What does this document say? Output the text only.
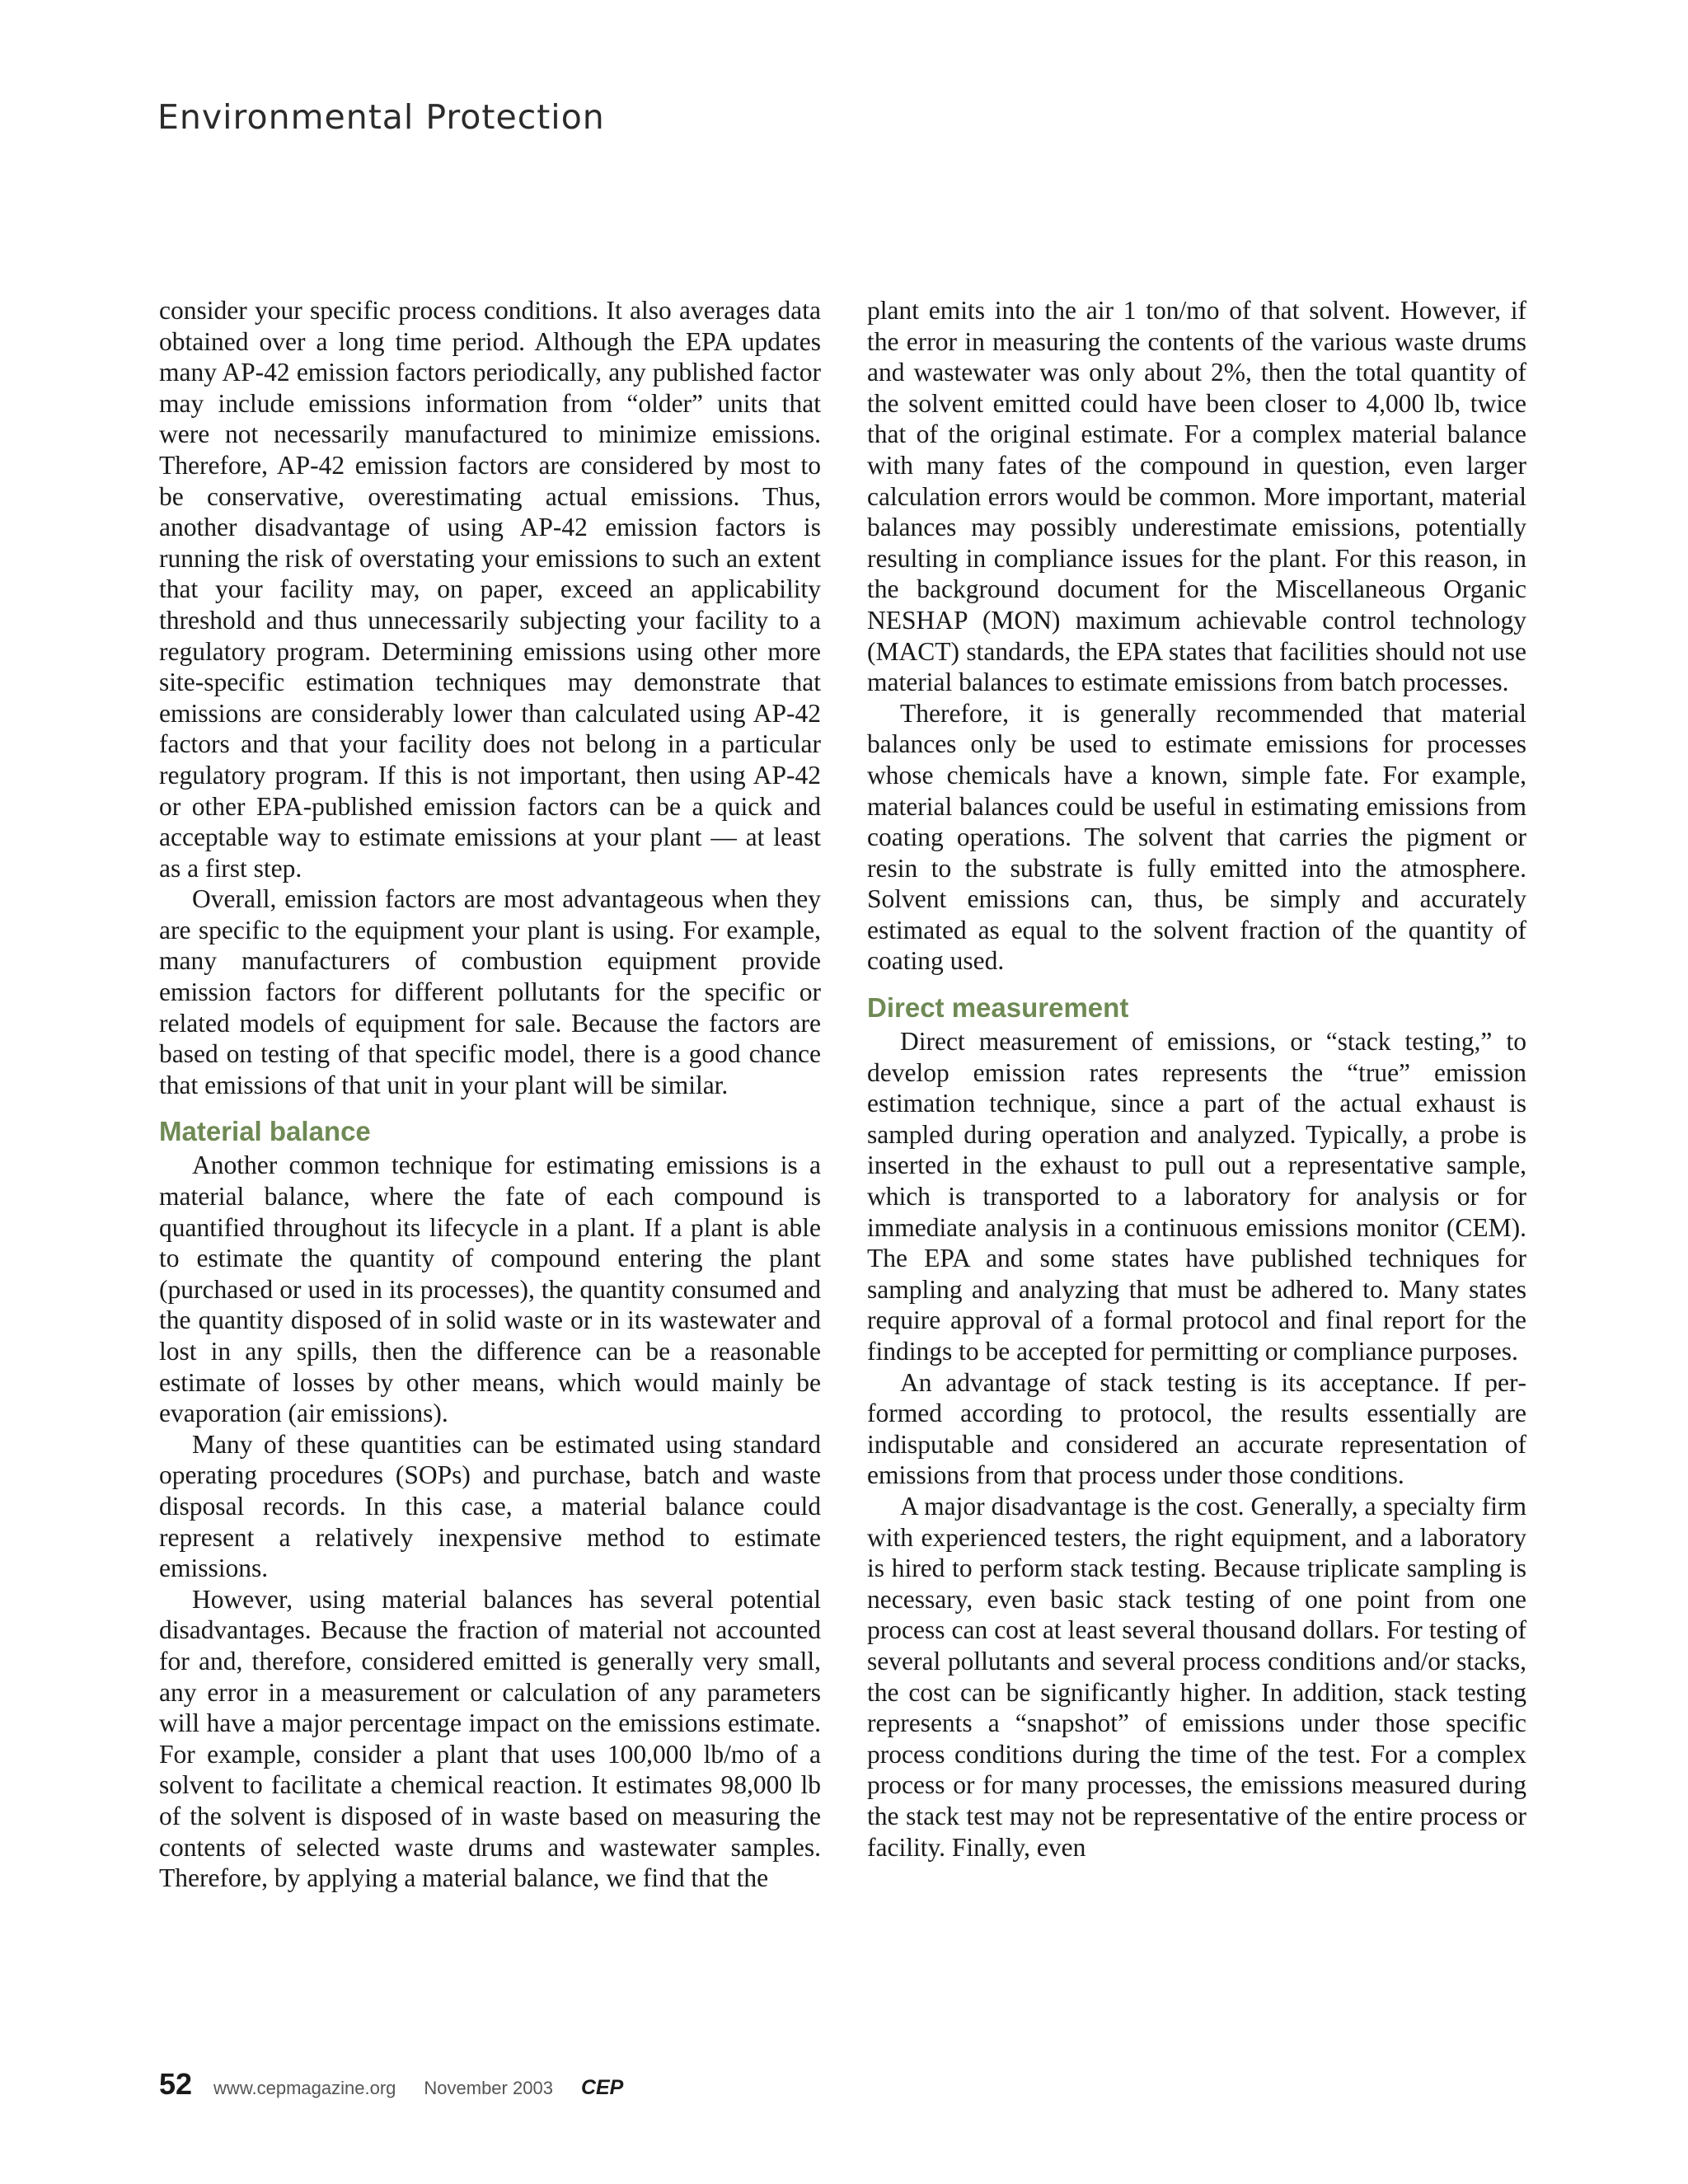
Environmental Protection

consider your specific process conditions. It also averages data obtained over a long time period. Although the EPA updates many AP-42 emission factors periodically, any published factor may include emissions information from “older” units that were not necessarily manufactured to minimize emissions. Therefore, AP-42 emission factors are considered by most to be conservative, overestimating actual emissions. Thus, another disadvantage of using AP-42 emission factors is running the risk of overstating your emissions to such an extent that your facility may, on paper, exceed an applicability threshold and thus unnecessarily subjecting your facility to a regulatory program. Determining emissions using other more site-specific estimation techniques may demonstrate that emissions are considerably lower than calculated using AP-42 factors and that your facility does not belong in a particular regulatory program. If this is not important, then using AP-42 or other EPA-published emission factors can be a quick and acceptable way to estimate emissions at your plant — at least as a first step.

Overall, emission factors are most advantageous when they are specific to the equipment your plant is using. For example, many manufacturers of combustion equipment provide emission factors for different pollutants for the specific or related models of equipment for sale. Because the factors are based on testing of that specific model, there is a good chance that emissions of that unit in your plant will be similar.

Material balance

Another common technique for estimating emissions is a material balance, where the fate of each compound is quantified throughout its lifecycle in a plant. If a plant is able to estimate the quantity of compound entering the plant (purchased or used in its processes), the quantity consumed and the quantity disposed of in solid waste or in its wastewater and lost in any spills, then the difference can be a reasonable estimate of losses by other means, which would mainly be evaporation (air emissions).

Many of these quantities can be estimated using standard operating procedures (SOPs) and purchase, batch and waste disposal records. In this case, a material balance could represent a relatively inexpensive method to estimate emissions.

However, using material balances has several potential disadvantages. Because the fraction of material not accounted for and, therefore, considered emitted is generally very small, any error in a measurement or calculation of any parameters will have a major percentage impact on the emissions estimate. For example, consider a plant that uses 100,000 lb/mo of a solvent to facilitate a chemical reaction. It estimates 98,000 lb of the solvent is disposed of in waste based on measuring the contents of selected waste drums and wastewater samples. Therefore, by applying a material balance, we find that the

plant emits into the air 1 ton/mo of that solvent. However, if the error in measuring the contents of the various waste drums and wastewater was only about 2%, then the total quantity of the solvent emitted could have been closer to 4,000 lb, twice that of the original estimate. For a complex material balance with many fates of the compound in question, even larger calculation errors would be common. More important, material balances may possibly underestimate emissions, potentially resulting in compliance issues for the plant. For this reason, in the background document for the Miscellaneous Organic NESHAP (MON) maximum achievable control technology (MACT) standards, the EPA states that facilities should not use material balances to estimate emissions from batch processes.

Therefore, it is generally recommended that material balances only be used to estimate emissions for processes whose chemicals have a known, simple fate. For example, material balances could be useful in estimating emissions from coating operations. The solvent that carries the pigment or resin to the substrate is fully emitted into the atmosphere. Solvent emissions can, thus, be simply and accurately estimated as equal to the solvent fraction of the quantity of coating used.

Direct measurement

Direct measurement of emissions, or “stack testing,” to develop emission rates represents the “true” emission estimation technique, since a part of the actual exhaust is sampled during operation and analyzed. Typically, a probe is inserted in the exhaust to pull out a representative sample, which is transported to a laboratory for analysis or for immediate analysis in a continuous emissions monitor (CEM). The EPA and some states have published techniques for sampling and analyzing that must be adhered to. Many states require approval of a formal protocol and final report for the findings to be accepted for permitting or compliance purposes.

An advantage of stack testing is its acceptance. If performed according to protocol, the results essentially are indisputable and considered an accurate representation of emissions from that process under those conditions.

A major disadvantage is the cost. Generally, a specialty firm with experienced testers, the right equipment, and a laboratory is hired to perform stack testing. Because triplicate sampling is necessary, even basic stack testing of one point from one process can cost at least several thousand dollars. For testing of several pollutants and several process conditions and/or stacks, the cost can be significantly higher. In addition, stack testing represents a “snapshot” of emissions under those specific process conditions during the time of the test. For a complex process or for many processes, the emissions measured during the stack test may not be representative of the entire process or facility. Finally, even

52 www.cepmagazine.org November 2003 CEP
